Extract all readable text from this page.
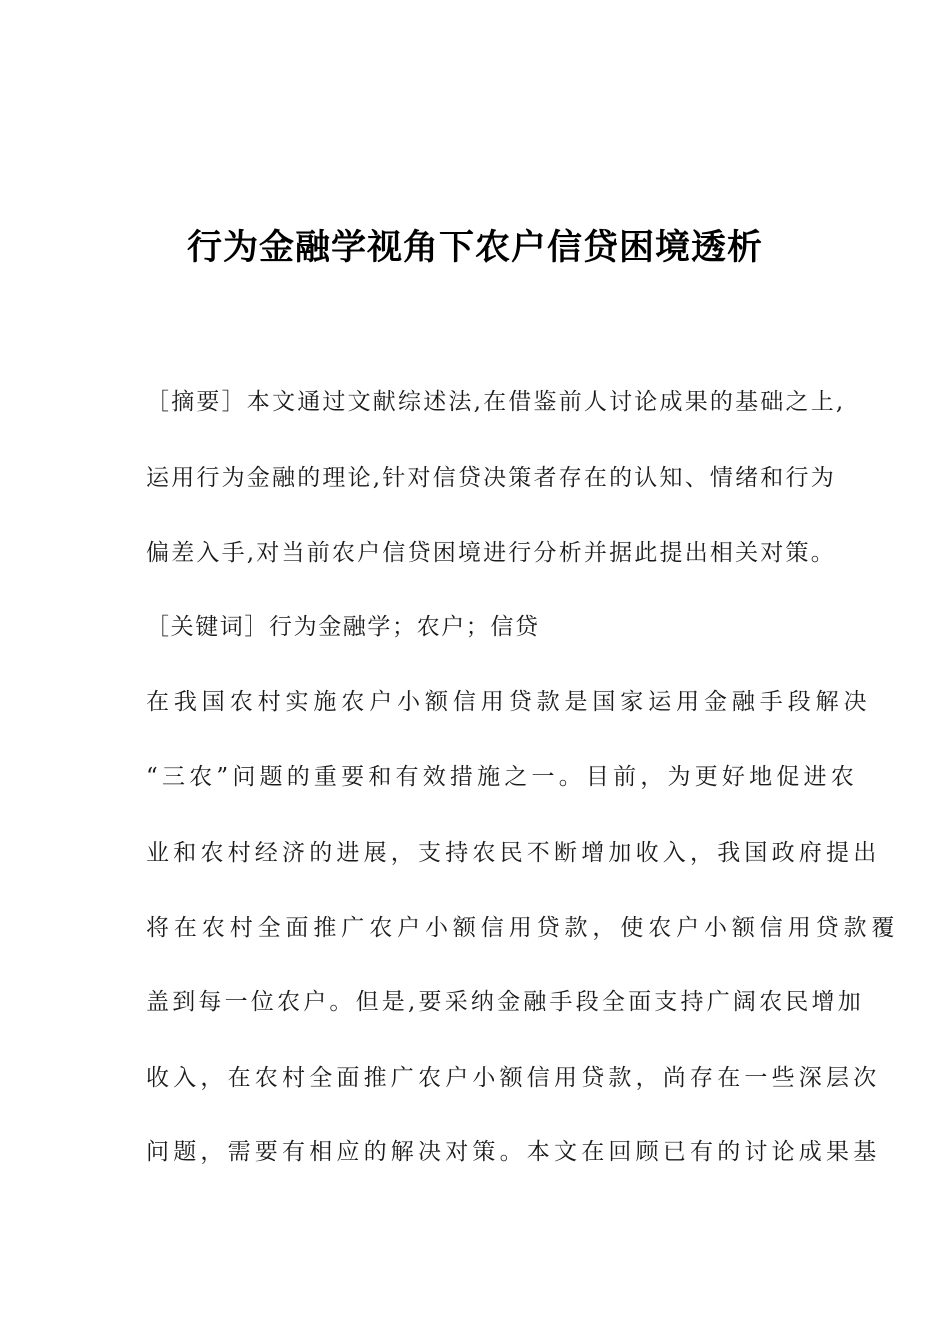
行为金融学视角下农户信贷困境透析
［摘要］本文通过文献综述法,在借鉴前人讨论成果的基础之上,
运用行为金融的理论,针对信贷决策者存在的认知、情绪和行为
偏差入手,对当前农户信贷困境进行分析并据此提出相关对策。
［关键词］行为金融学；农户；信贷
在我国农村实施农户小额信用贷款是国家运用金融手段解决
“三农”问题的重要和有效措施之一。目前，为更好地促进农
业和农村经济的进展，支持农民不断增加收入，我国政府提出
将在农村全面推广农户小额信用贷款，使农户小额信用贷款覆
盖到每一位农户。但是,要采纳金融手段全面支持广阔农民增加
收入，在农村全面推广农户小额信用贷款，尚存在一些深层次
问题，需要有相应的解决对策。本文在回顾已有的讨论成果基
